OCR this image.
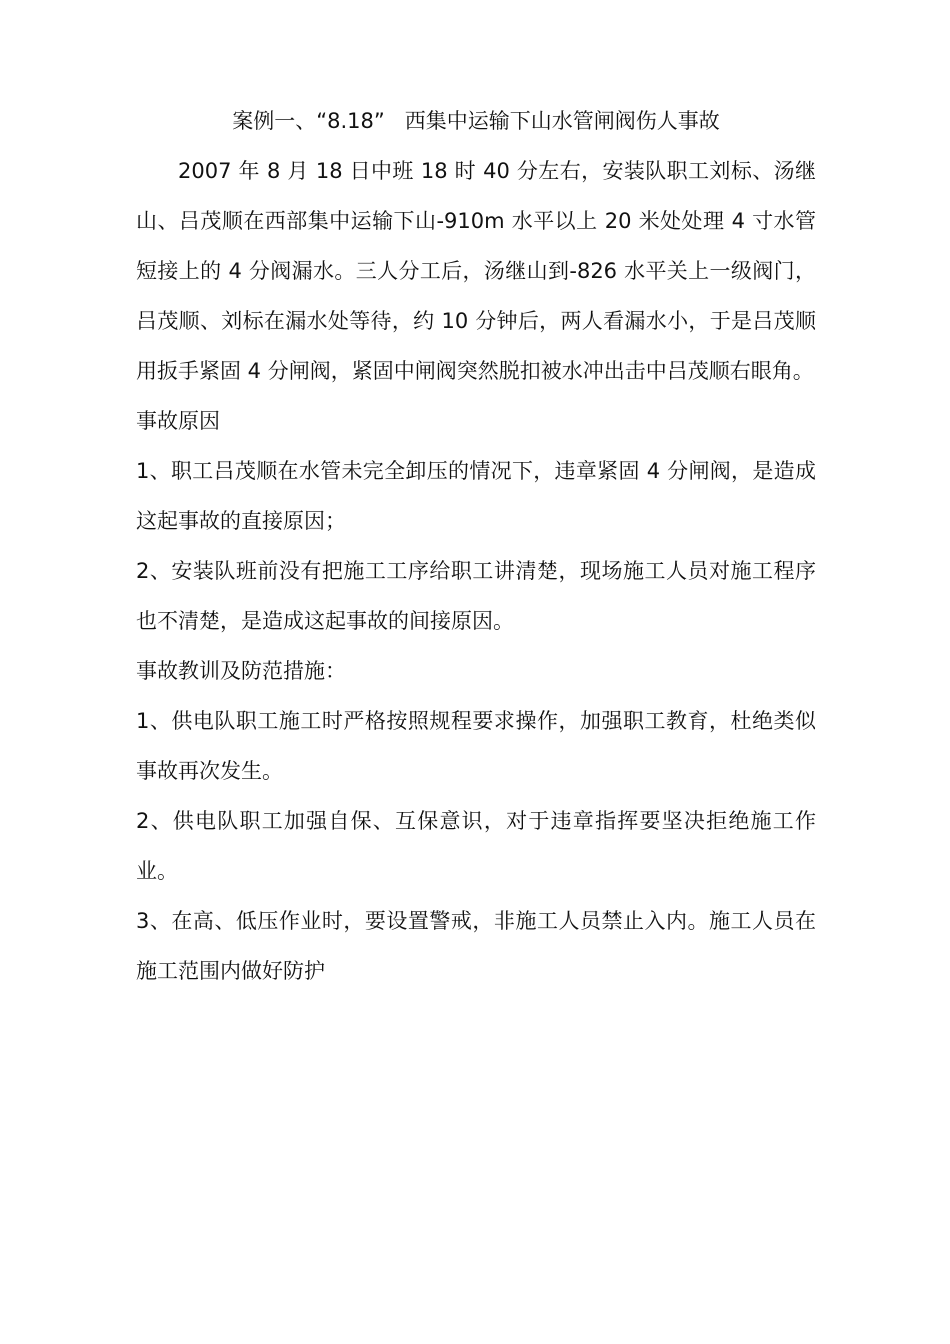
案例一、“8.18”   西集中运输下山水管闸阀伤人事故

2007 年 8 月 18 日中班 18 时 40 分左右，安装队职工刘标、汤继山、吕茂顺在西部集中运输下山-910m 水平以上 20 米处处理 4 寸水管短接上的 4 分阀漏水。三人分工后，汤继山到-826 水平关上一级阀门，吕茂顺、刘标在漏水处等待，约 10 分钟后，两人看漏水小，于是吕茂顺用扳手紧固 4 分闸阀，紧固中闸阀突然脱扣被水冲出击中吕茂顺右眼角。

事故原因

1、职工吕茂顺在水管未完全卸压的情况下，违章紧固 4 分闸阀，是造成这起事故的直接原因；

2、安装队班前没有把施工工序给职工讲清楚，现场施工人员对施工程序也不清楚，是造成这起事故的间接原因。

事故教训及防范措施：

1、供电队职工施工时严格按照规程要求操作，加强职工教育，杜绝类似事故再次发生。

2、供电队职工加强自保、互保意识，对于违章指挥要坚决拒绝施工作业。

3、在高、低压作业时，要设置警戒，非施工人员禁止入内。施工人员在施工范围内做好防护
